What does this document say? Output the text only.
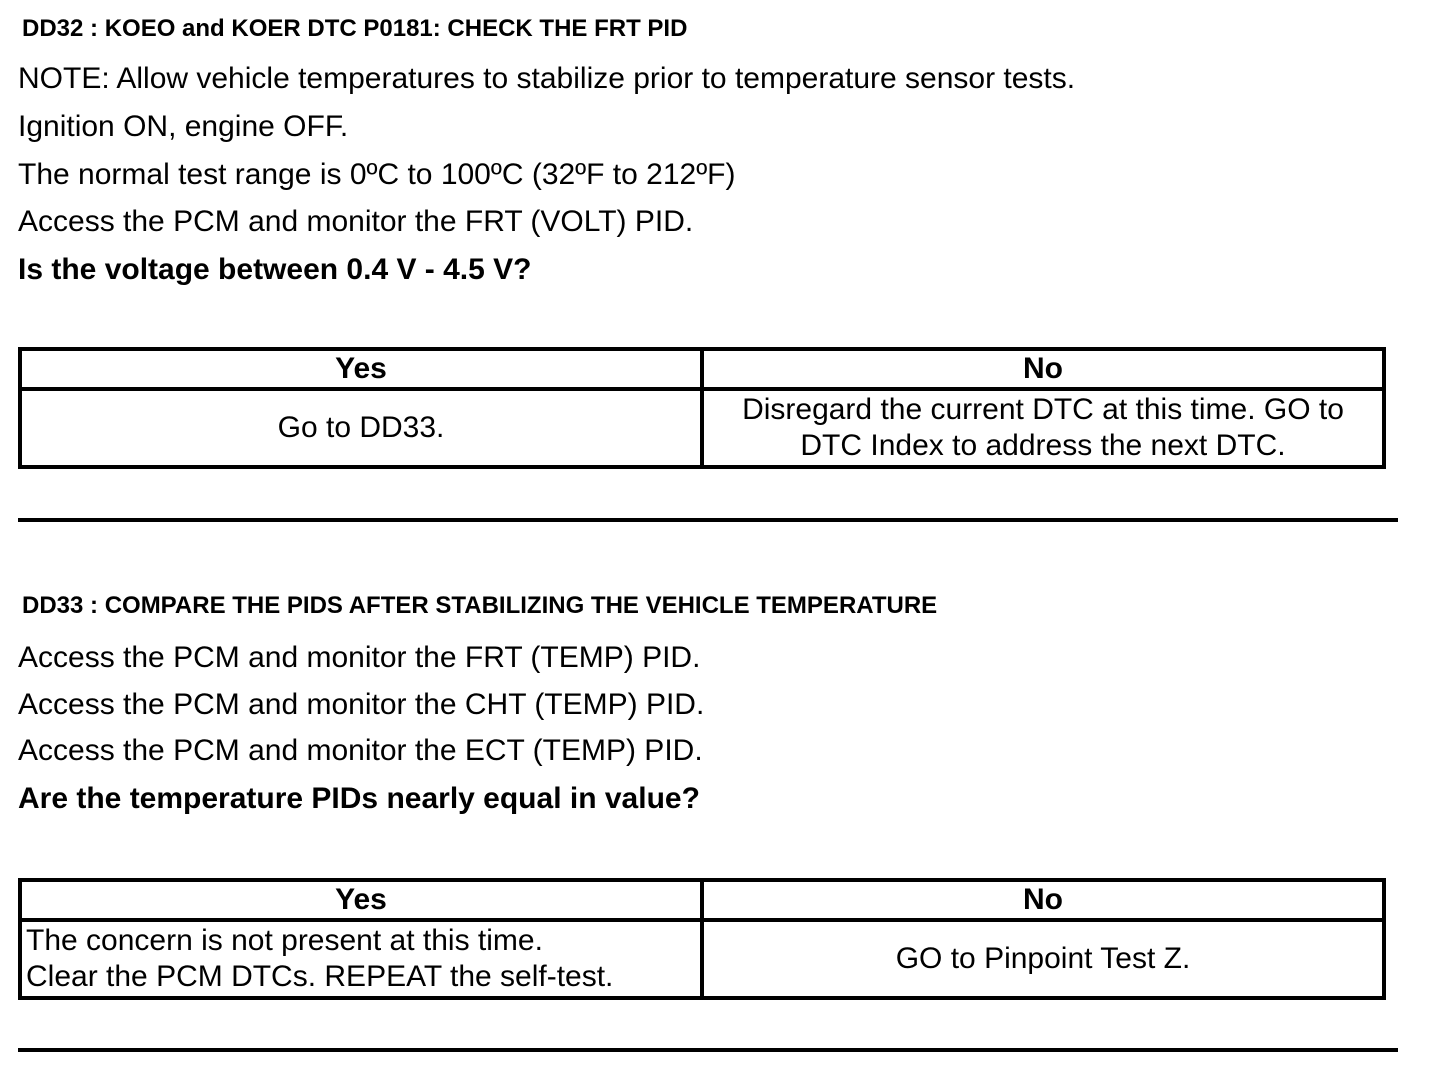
DD32 : KOEO and KOER DTC P0181: CHECK THE FRT PID
NOTE: Allow vehicle temperatures to stabilize prior to temperature sensor tests.
Ignition ON, engine OFF.
The normal test range is 0ºC to 100ºC (32ºF to 212ºF)
Access the PCM and monitor the FRT (VOLT) PID.
Is the voltage between 0.4 V - 4.5 V?
Yes	No
Go to DD33.	Disregard the current DTC at this time. GO to
DTC Index to address the next DTC.
DD33 : COMPARE THE PIDS AFTER STABILIZING THE VEHICLE TEMPERATURE
Access the PCM and monitor the FRT (TEMP) PID.
Access the PCM and monitor the CHT (TEMP) PID.
Access the PCM and monitor the ECT (TEMP) PID.
Are the temperature PIDs nearly equal in value?
Yes	No

The concern is not present at this time.
Clear the PCM DTCs. REPEAT the self-test.	GO to Pinpoint Test Z.
